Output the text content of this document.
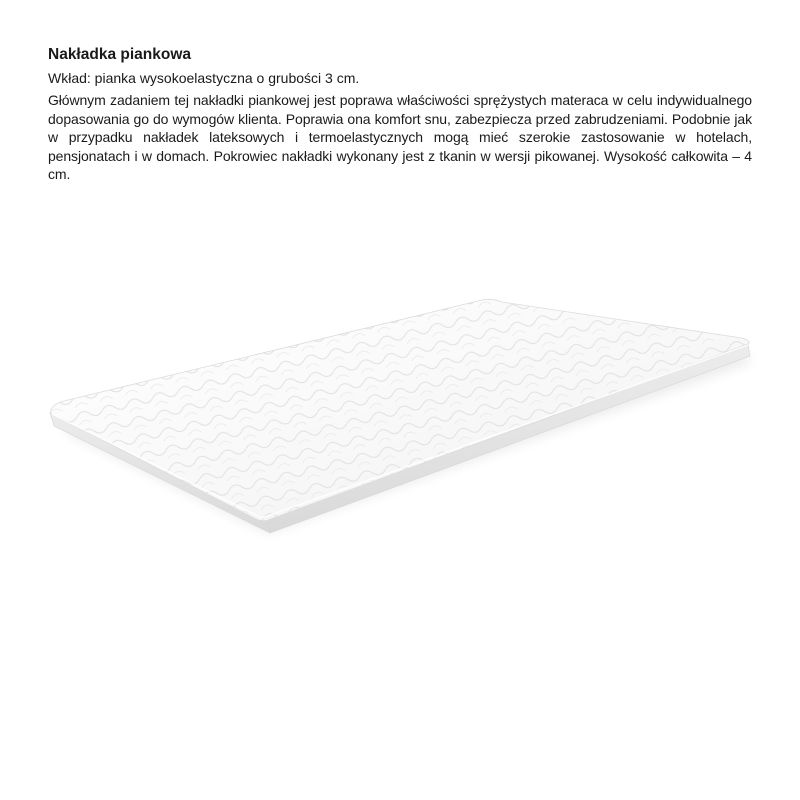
Nakładka piankowa

Wkład: pianka wysokoelastyczna o grubości 3 cm.

Głównym zadaniem tej nakładki piankowej jest poprawa właściwości sprężystych materaca w celu indywidualnego dopasowania go do wymogów klienta. Poprawia ona komfort snu, zabezpiecza przed zabrudzeniami. Podobnie jak w przypadku nakładek lateksowych i termoelastycznych mogą mieć szerokie zastosowanie w hotelach, pensjonatach i w domach. Pokrowiec nakładki wykonany jest z tkanin w wersji pikowanej. Wysokość całkowita – 4 cm.
